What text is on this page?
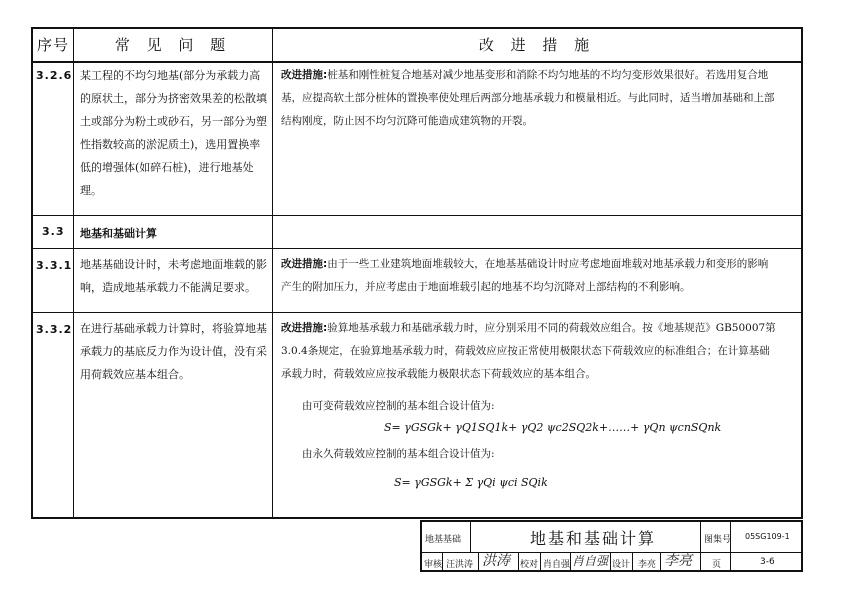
序号	常 见 问 题	改 进 措 施
3.2.6 某工程的不均匀地基(部分为承载力高
的原状土，部分为挤密效果差的松散填
土或部分为粉土或砂石，另一部分为塑
性指数较高的淤泥质土)，选用置换率
低的增强体(如碎石桩)，进行地基处
理。
改进措施:桩基和刚性桩复合地基对减少地基变形和消除不均匀地基的不均匀变形效果很好。若选用复合地
基，应提高软土部分桩体的置换率使处理后两部分地基承载力和模量相近。与此同时，适当增加基础和上部
结构刚度，防止因不均匀沉降可能造成建筑物的开裂。
3.3 地基和基础计算
3.3.1 地基基础设计时，未考虑地面堆载的影
响，造成地基承载力不能满足要求。
改进措施:由于一些工业建筑地面堆载较大，在地基基础设计时应考虑地面堆载对地基承载力和变形的影响
产生的附加压力，并应考虑由于地面堆载引起的地基不均匀沉降对上部结构的不利影响。
3.3.2 在进行基础承载力计算时，将验算地基
承载力的基底反力作为设计值，没有采
用荷载效应基本组合。
改进措施:验算地基承载力和基础承载力时，应分别采用不同的荷载效应组合。按《地基规范》GB50007第
3.0.4条规定，在验算地基承载力时，荷载效应应按正常使用极限状态下荷载效应的标准组合；在计算基础
承载力时，荷载效应应按承载能力极限状态下荷载效应的基本组合。
由可变荷载效应控制的基本组合设计值为:
S= γGSGk+ γQ1SQ1k+ γQ2 ψc2SQ2k+……+ γQn ψcnSQnk
由永久荷载效应控制的基本组合设计值为:
S= γGSGk+ Σ γQi ψci SQik
地基基础	地基和基础计算	图集号 05SG109-1
审核 汪洪涛 洪涛 校对 肖自强 肖自强 设计 李亮 李亮 页	3-6
